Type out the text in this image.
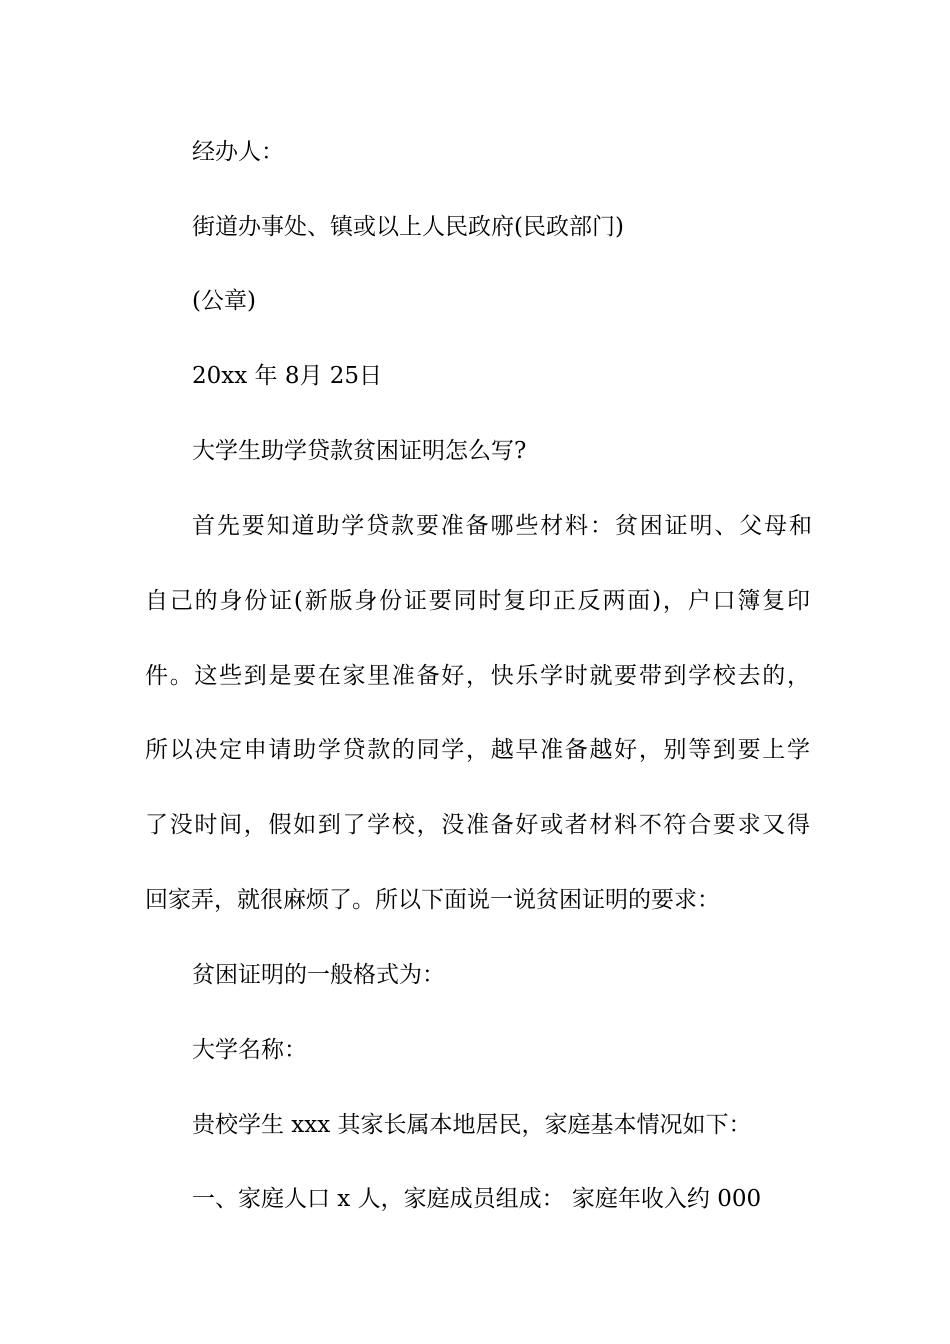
经办人：
街道办事处、镇或以上人民政府(民政部门)
(公章)
20xx 年 8月 25日
大学生助学贷款贫困证明怎么写?
首先要知道助学贷款要准备哪些材料：贫困证明、父母和
自己的身份证(新版身份证要同时复印正反两面)，户口簿复印
件。这些到是要在家里准备好，快乐学时就要带到学校去的，
所以决定申请助学贷款的同学，越早准备越好，别等到要上学
了没时间，假如到了学校，没准备好或者材料不符合要求又得
回家弄，就很麻烦了。所以下面说一说贫困证明的要求：
贫困证明的一般格式为：
大学名称：
贵校学生 xxx 其家长属本地居民，家庭基本情况如下：
一、家庭人口 x 人，家庭成员组成： 家庭年收入约 000
